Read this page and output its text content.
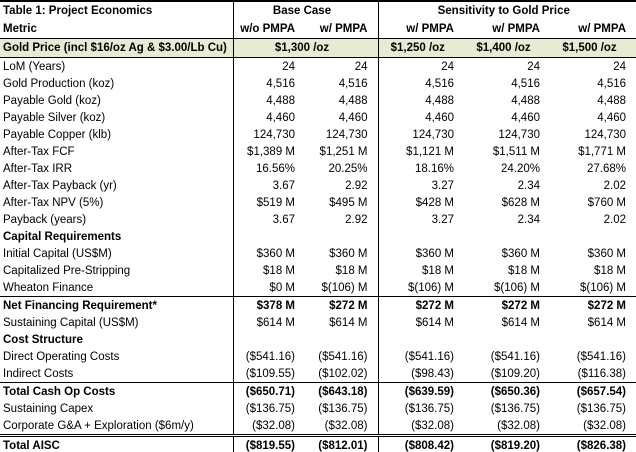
Table 1: Project Economics	Base Case		Sensitivity to Gold Price		
Metric	w/o PMPA	w/ PMPA	w/ PMPA	w/ PMPA	w/ PMPA
Gold Price (incl $16/oz Ag & $3.00/Lb Cu)	$1,300 /oz		$1,250 /oz	$1,400 /oz	$1,500 /oz
LoM (Years)	24	24	24	24	24
Gold Production (koz)	4,516	4,516	4,516	4,516	4,516
Payable Gold (koz)	4,488	4,488	4,488	4,488	4,488
Payable Silver (koz)	4,460	4,460	4,460	4,460	4,460
Payable Copper (klb)	124,730	124,730	124,730	124,730	124,730
After-Tax FCF	$1,389 M	$1,251 M	$1,121 M	$1,511 M	$1,771 M
After-Tax IRR	16.56%	20.25%	18.16%	24.20%	27.68%
After-Tax Payback (yr)	3.67	2.92	3.27	2.34	2.02
After-Tax NPV (5%)	$519 M	$495 M	$428 M	$628 M	$760 M
Payback (years)	3.67	2.92	3.27	2.34	2.02
Capital Requirements					
Initial Capital (US$M)	$360 M	$360 M	$360 M	$360 M	$360 M
Capitalized Pre-Stripping	$18 M	$18 M	$18 M	$18 M	$18 M
Wheaton Finance	$0 M	$(106) M	$(106) M	$(106) M	$(106) M
Net Financing Requirement*	$378 M	$272 M	$272 M	$272 M	$272 M
Sustaining Capital (US$M)	$614 M	$614 M	$614 M	$614 M	$614 M
Cost Structure					
Direct Operating Costs	($541.16)	($541.16)	($541.16)	($541.16)	($541.16)
Indirect Costs	($109.55)	($102.02)	($98.43)	($109.20)	($116.38)
Total Cash Op Costs	($650.71)	($643.18)	($639.59)	($650.36)	($657.54)
Sustaining Capex	($136.75)	($136.75)	($136.75)	($136.75)	($136.75)
Corporate G&A + Exploration ($6m/y)	($32.08)	($32.08)	($32.08)	($32.08)	($32.08)
Total AISC	($819.55)	($812.01)	($808.42)	($819.20)	($826.38)
